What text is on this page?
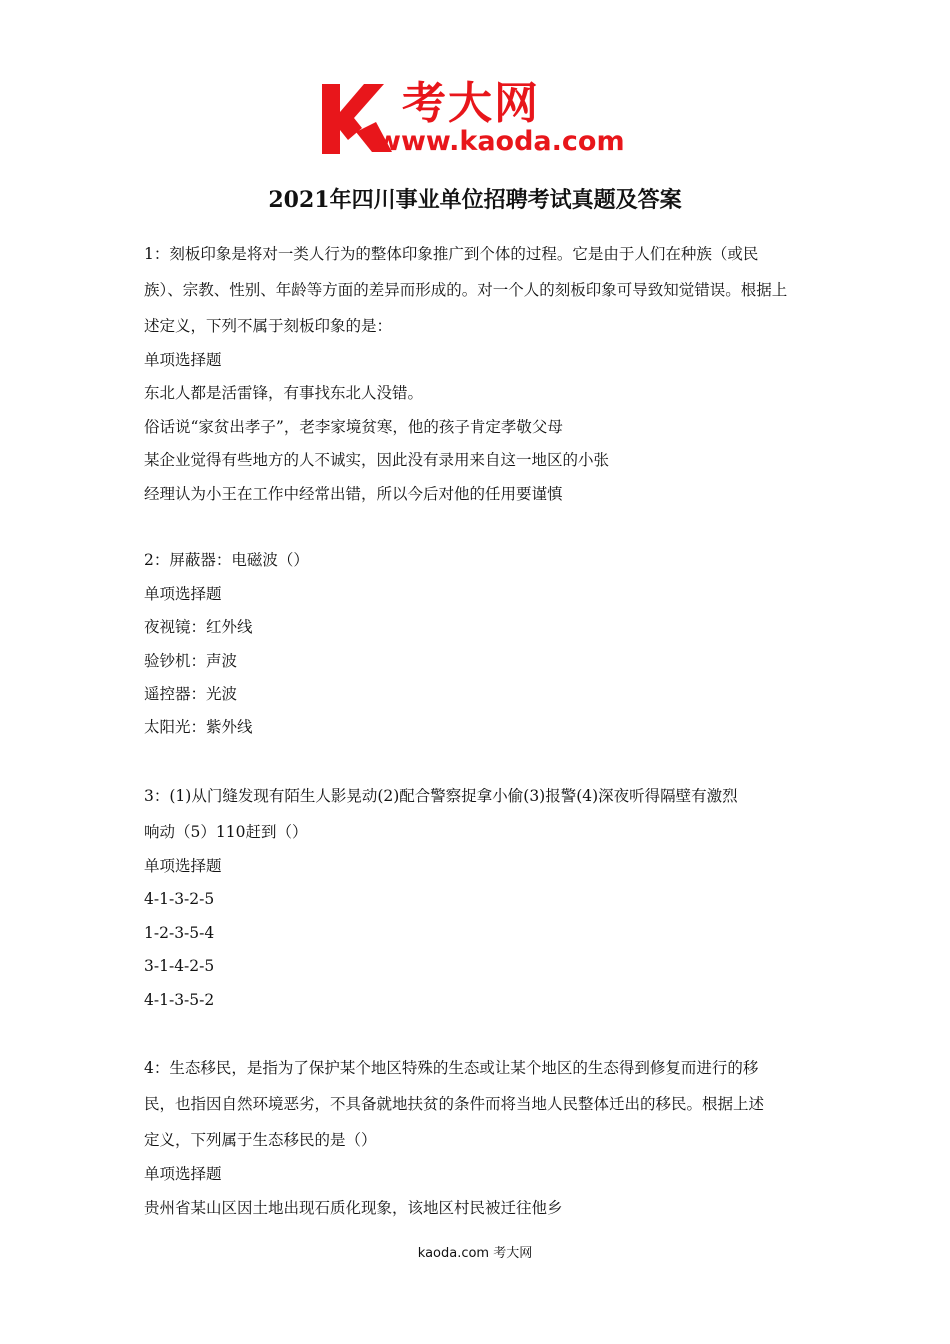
考大网
www.kaoda.com
2021年四川事业单位招聘考试真题及答案
1：刻板印象是将对一类人行为的整体印象推广到个体的过程。它是由于人们在种族（或民
族）、宗教、性别、年龄等方面的差异而形成的。对一个人的刻板印象可导致知觉错误。根据上
述定义，下列不属于刻板印象的是：
单项选择题
东北人都是活雷锋，有事找东北人没错。
俗话说“家贫出孝子”，老李家境贫寒，他的孩子肯定孝敬父母
某企业觉得有些地方的人不诚实，因此没有录用来自这一地区的小张
经理认为小王在工作中经常出错，所以今后对他的任用要谨慎
2：屏蔽器：电磁波（）
单项选择题
夜视镜：红外线
验钞机：声波
遥控器：光波
太阳光：紫外线
3：(1)从门缝发现有陌生人影晃动(2)配合警察捉拿小偷(3)报警(4)深夜听得隔壁有激烈
响动（5）110赶到（）
单项选择题
4-1-3-2-5
1-2-3-5-4
3-1-4-2-5
4-1-3-5-2
4：生态移民，是指为了保护某个地区特殊的生态或让某个地区的生态得到修复而进行的移
民，也指因自然环境恶劣，不具备就地扶贫的条件而将当地人民整体迁出的移民。根据上述
定义，下列属于生态移民的是（）
单项选择题
贵州省某山区因土地出现石质化现象，该地区村民被迁往他乡
kaoda.com 考大网
